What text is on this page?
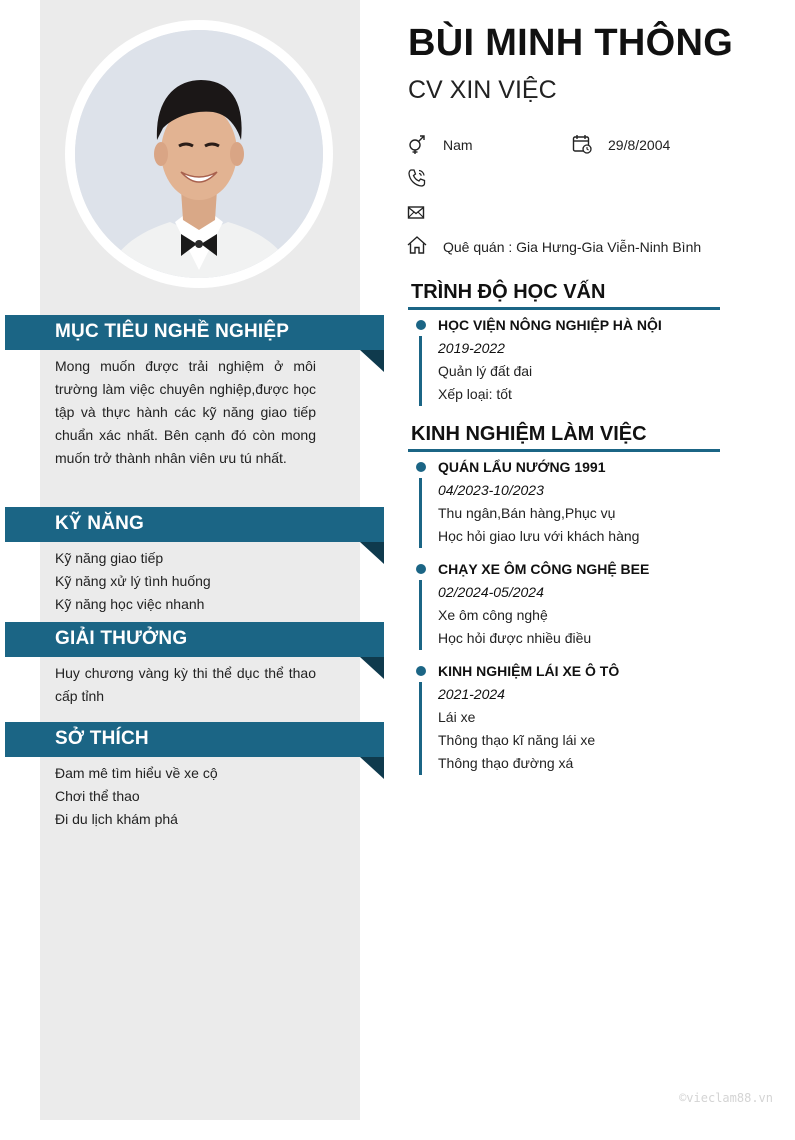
MỤC TIÊU NGHỀ NGHIỆP
Mong muốn được trải nghiệm ở môi
trường làm việc chuyên nghiệp,được học
tập và thực hành các kỹ năng giao tiếp
chuẩn xác nhất. Bên cạnh đó còn mong
muốn trở thành nhân viên ưu tú nhất.
KỸ NĂNG
Kỹ năng giao tiếp
Kỹ năng xử lý tình huống
Kỹ năng học việc nhanh
GIẢI THƯỞNG
Huy chương vàng kỳ thi thể dục thể thao
cấp tỉnh
SỞ THÍCH
Đam mê tìm hiểu về xe cộ
Chơi thể thao
Đi du lịch khám phá
BÙI MINH THÔNG
CV XIN VIỆC
Nam	29/8/2004
Quê quán : Gia Hưng-Gia Viễn-Ninh Bình
TRÌNH ĐỘ HỌC VẤN
HỌC VIỆN NÔNG NGHIỆP HÀ NỘI
2019-2022
Quản lý đất đai
Xếp loại: tốt
KINH NGHIỆM LÀM VIỆC
QUÁN LẨU NƯỚNG 1991
04/2023-10/2023
Thu ngân,Bán hàng,Phục vụ
Học hỏi giao lưu với khách hàng
CHẠY XE ÔM CÔNG NGHỆ BEE
02/2024-05/2024
Xe ôm công nghệ
Học hỏi được nhiều điều
KINH NGHIỆM LÁI XE Ô TÔ
2021-2024
Lái xe
Thông thạo kĩ năng lái xe
Thông thạo đường xá
©vieclam88.vn
